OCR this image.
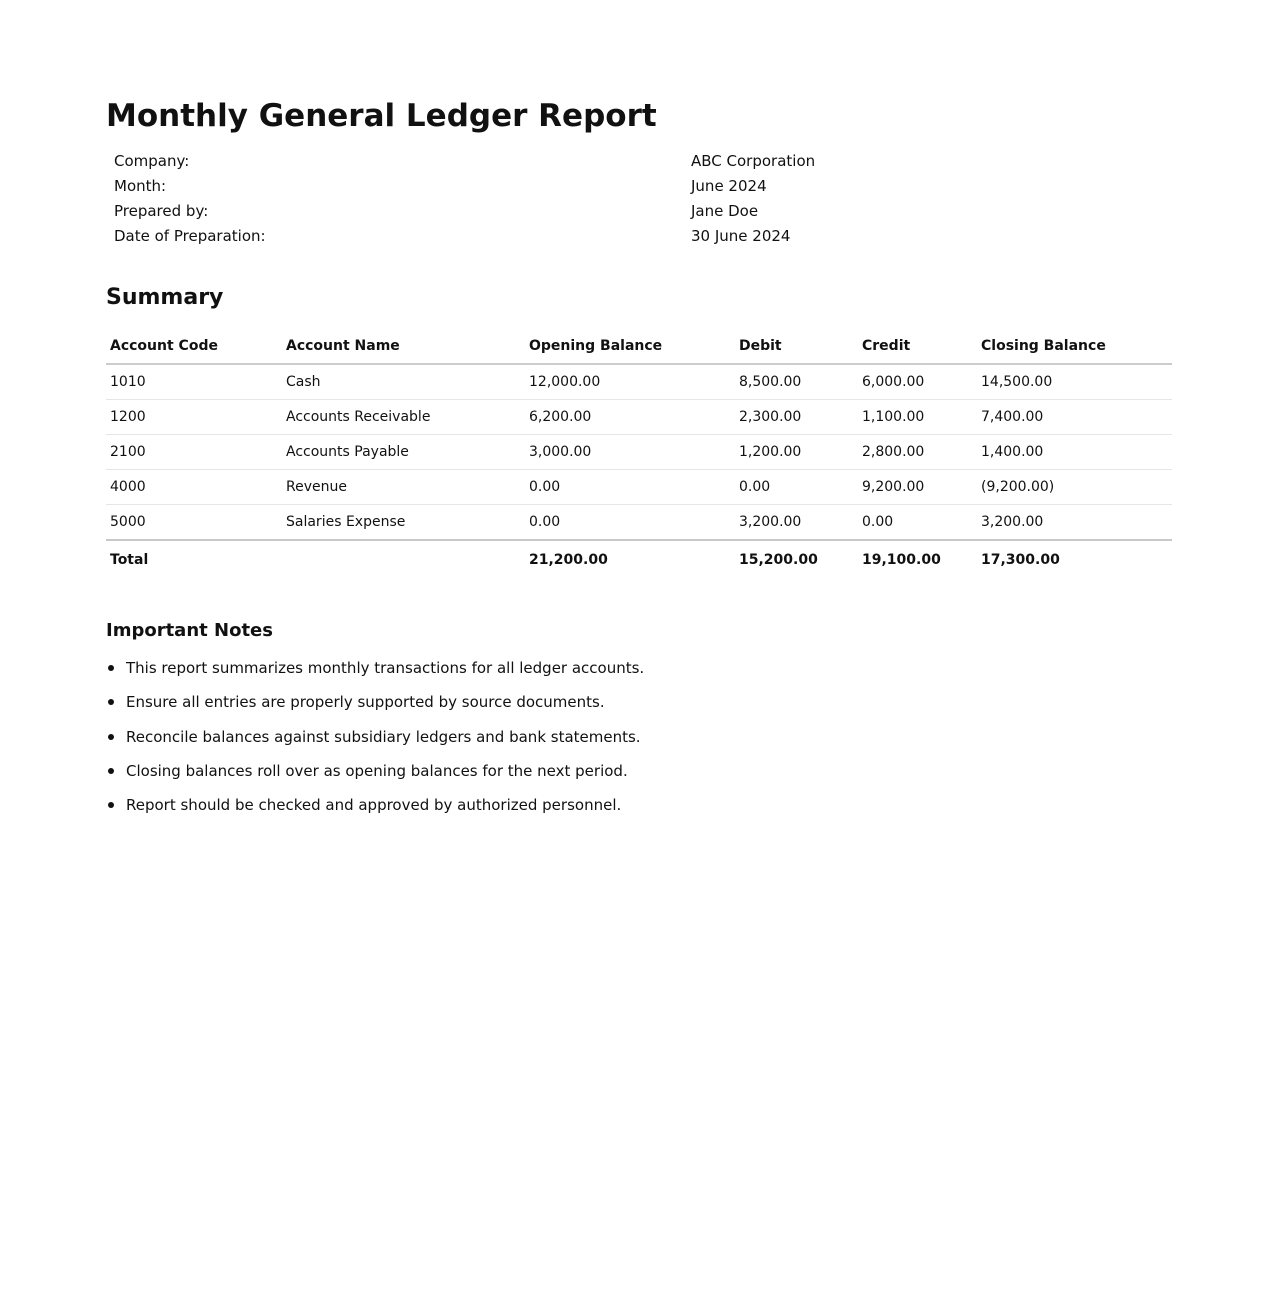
Monthly General Ledger Report
Company:	ABC Corporation
Month:	June 2024
Prepared by:	Jane Doe
Date of Preparation:	30 June 2024
Summary
Account Code	Account Name	Opening Balance	Debit	Credit	Closing Balance
1010	Cash	12,000.00	8,500.00	6,000.00	14,500.00
1200	Accounts Receivable	6,200.00	2,300.00	1,100.00	7,400.00
2100	Accounts Payable	3,000.00	1,200.00	2,800.00	1,400.00
4000	Revenue	0.00	0.00	9,200.00	(9,200.00)
5000	Salaries Expense	0.00	3,200.00	0.00	3,200.00
Total		21,200.00	15,200.00	19,100.00	17,300.00
Important Notes
This report summarizes monthly transactions for all ledger accounts.
Ensure all entries are properly supported by source documents.
Reconcile balances against subsidiary ledgers and bank statements.
Closing balances roll over as opening balances for the next period.
Report should be checked and approved by authorized personnel.
